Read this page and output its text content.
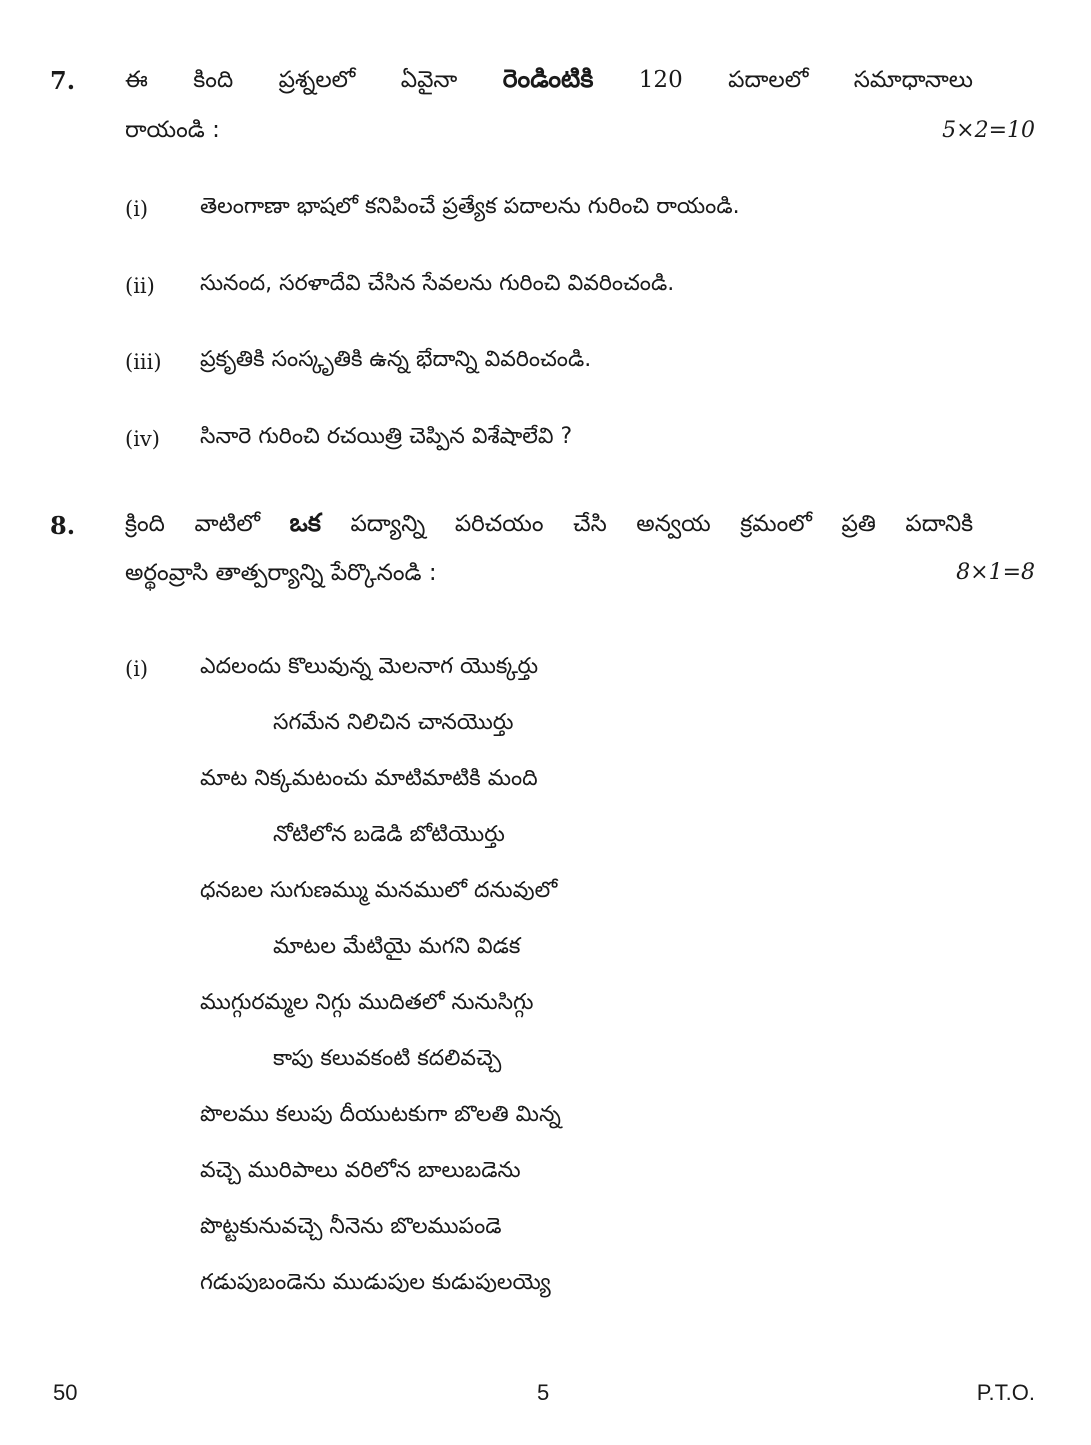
7. ఈ కింది ప్రశ్నలలో ఏవైనా రెండింటికి 120 పదాలలో సమాధానాలు
రాయండి :	5×2=10
(i) తెలంగాణా భాషలో కనిపించే ప్రత్యేక పదాలను గురించి రాయండి.
(ii) సునంద, సరళాదేవి చేసిన సేవలను గురించి వివరించండి.
(iii) ప్రకృతికి సంస్కృతికి ఉన్న భేదాన్ని వివరించండి.
(iv) సినారె గురించి రచయిత్రి చెప్పిన విశేషాలేవి ?
8. క్రింది వాటిలో ఒక పద్యాన్ని పరిచయం చేసి అన్వయ క్రమంలో ప్రతి పదానికి
అర్థంవ్రాసి తాత్పర్యాన్ని పేర్కొనండి :	8×1=8
(i) ఎదలందు కొలువున్న మెలనాగ యొక్కర్తు
సగమేన నిలిచిన చానయొర్తు
మాట నిక్కమటంచు మాటిమాటికి మంది
నోటిలోన బడెడి బోటియొర్తు
ధనబల సుగుణమ్ము మనములో దనువులో
మాటల మేటియై మగని విడక
ముగ్గురమ్మల నిగ్గు ముదితలో నునుసిగ్గు
కాపు కలువకంటి కదలివచ్చె
పొలము కలుపు దీయుటకుగా బొలతి మిన్న
వచ్చె మురిపాలు వరిలోన బాలుబడెను
పొట్టకునువచ్చె నీనెను బొలముపండె
గడుపుబండెను ముడుపుల కుడుపులయ్యె
50	5	P.T.O.
